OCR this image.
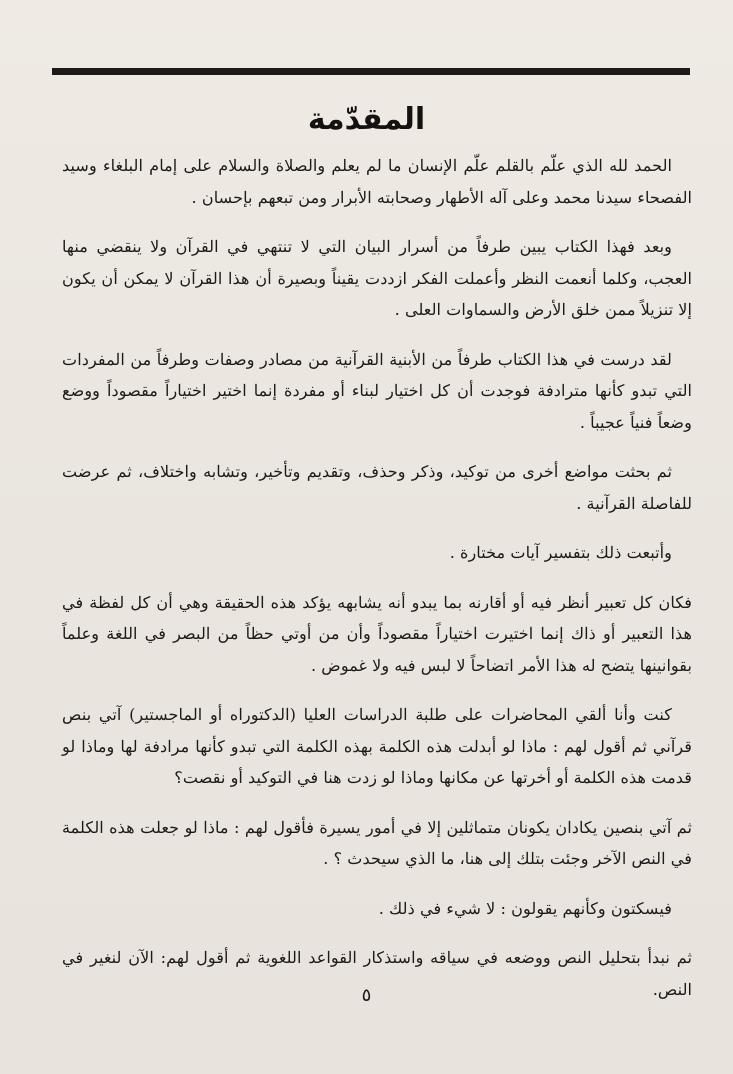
المقدّمة

الحمد لله الذي علّم بالقلم علّم الإنسان ما لم يعلم والصلاة والسلام على إمام البلغاء وسيد الفصحاء سيدنا محمد وعلى آله الأطهار وصحابته الأبرار ومن تبعهم بإحسان .

وبعد فهذا الكتاب يبين طرفاً من أسرار البيان التي لا تنتهي في القرآن ولا ينقضي منها العجب، وكلما أنعمت النظر وأعملت الفكر ازددت يقيناً وبصيرة أن هذا القرآن لا يمكن أن يكون إلا تنزيلاً ممن خلق الأرض والسماوات العلى .

لقد درست في هذا الكتاب طرفاً من الأبنية القرآنية من مصادر وصفات وطرفاً من المفردات التي تبدو كأنها مترادفة فوجدت أن كل اختيار لبناء أو مفردة إنما اختير اختياراً مقصوداً ووضع وضعاً فنياً عجيباً .

ثم بحثت مواضع أخرى من توكيد، وذكر وحذف، وتقديم وتأخير، وتشابه واختلاف، ثم عرضت للفاصلة القرآنية .

وأتبعت ذلك بتفسير آيات مختارة .

فكان كل تعبير أنظر فيه أو أقارنه بما يبدو أنه يشابهه يؤكد هذه الحقيقة وهي أن كل لفظة في هذا التعبير أو ذاك إنما اختيرت اختياراً مقصوداً وأن من أوتي حظاً من البصر في اللغة وعلماً بقوانينها يتضح له هذا الأمر اتضاحاً لا لبس فيه ولا غموض .

كنت وأنا ألقي المحاضرات على طلبة الدراسات العليا (الدكتوراه أو الماجستير) آتي بنص قرآني ثم أقول لهم : ماذا لو أبدلت هذه الكلمة بهذه الكلمة التي تبدو كأنها مرادفة لها وماذا لو قدمت هذه الكلمة أو أخرتها عن مكانها وماذا لو زدت هنا في التوكيد أو نقصت؟

ثم آتي بنصين يكادان يكونان متماثلين إلا في أمور يسيرة فأقول لهم : ماذا لو جعلت هذه الكلمة في النص الآخر وجئت بتلك إلى هنا، ما الذي سيحدث ؟ .

فيسكتون وكأنهم يقولون : لا شيء في ذلك .

ثم نبدأ بتحليل النص ووضعه في سياقه واستذكار القواعد اللغوية ثم أقول لهم: الآن لنغير في النص.

٥
